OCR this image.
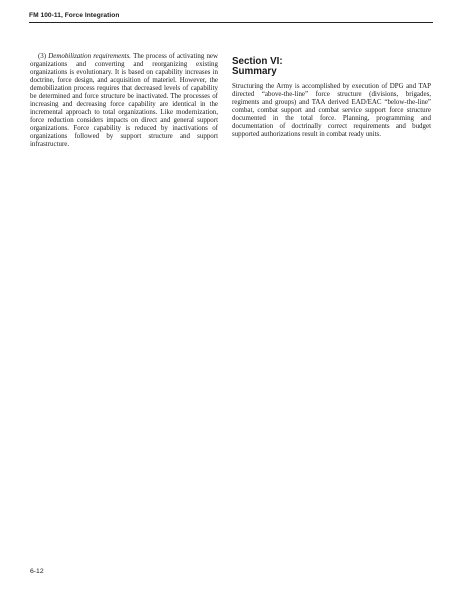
FM 100-11, Force Integration

(3) Demobilization requirements. The process of activating new organizations and converting and reorganizing existing organizations is evolutionary. It is based on capability increases in doctrine, force design, and acquisition of materiel. However, the demobilization process requires that decreased levels of capability be determined and force structure be inactivated. The processes of increasing and decreasing force capability are identical in the incremental approach to total organizations. Like modernization, force reduction considers impacts on direct and general support organizations. Force capability is reduced by inactivations of organizations followed by support structure and support infrastructure.

Section VI:
Summary

Structuring the Army is accomplished by execution of DPG and TAP directed “above-the-line” force structure (divisions, brigades, regiments and groups) and TAA derived EAD/EAC “below-the-line” combat, combat support and combat service support force structure documented in the total force. Planning, programming and documentation of doctrinally correct requirements and budget supported authorizations result in combat ready units.

6-12
